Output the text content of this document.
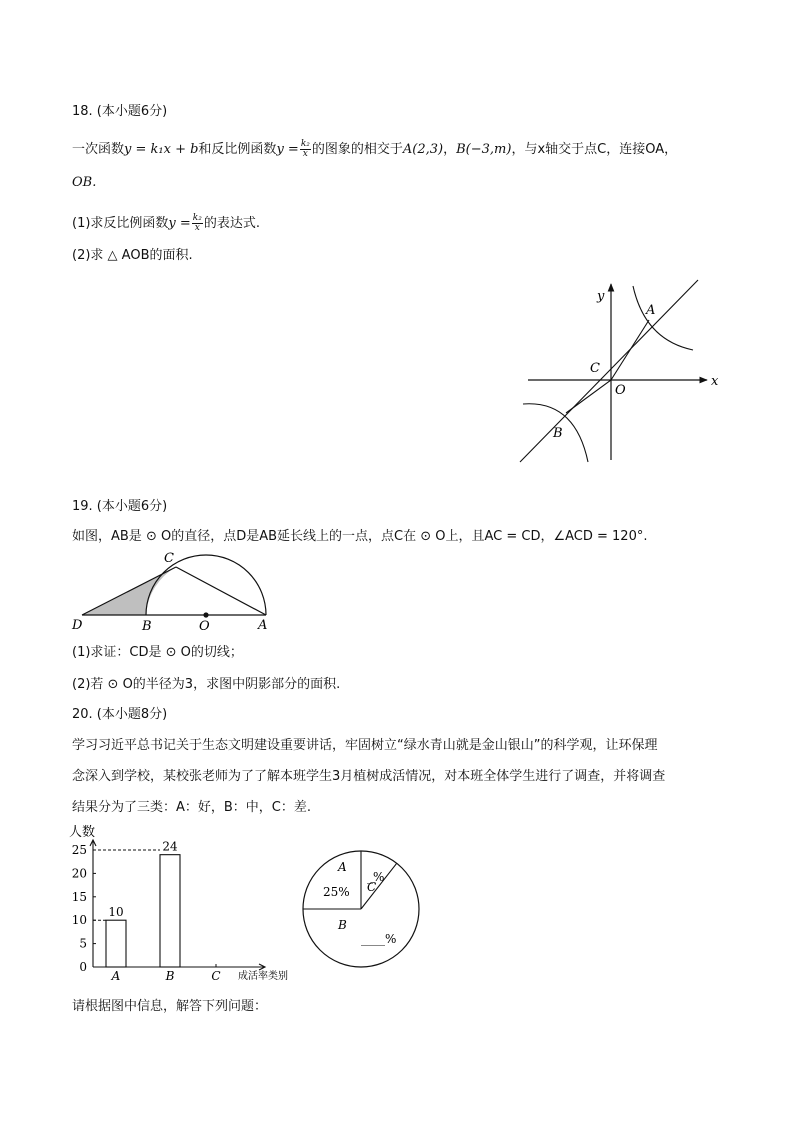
18. (本小题6分)
一次函数y = k₁x + b和反比例函数$y = \frac{\text{k₂}}{x}$ 的图象的相交于A(2,3)，B(−3,m)，与x轴交于点C，连接OA，
OB.
(1)求反比例函数$y = \frac{\text{k₂}}{x}$ 的表达式.
(2)求 △ AOB的面积.
y
x
A
C
O
B
19. (本小题6分)
如图，AB是 ⊙ O的直径，点D是AB延长线上的一点，点C在 ⊙ O上，且AC = CD，∠ACD = 120°.
C
D	B	O	A
(1)求证：CD是 ⊙ O的切线；
(2)若 ⊙ O的半径为3，求图中阴影部分的面积.
20. (本小题8分)
学习习近平总书记关于生态文明建设重要讲话，牢固树立“绿水青山就是金山银山”的科学观，让环保理
念深入到学校，某校张老师为了了解本班学生3月植树成活情况，对本班全体学生进行了调查，并将调查
结果分为了三类：A：好，B：中，C：差.
人数
成活率类别
0
5
10
15
20
25
A
10
B
24
C
A
25% C
_%
B
____%
请根据图中信息，解答下列问题：
